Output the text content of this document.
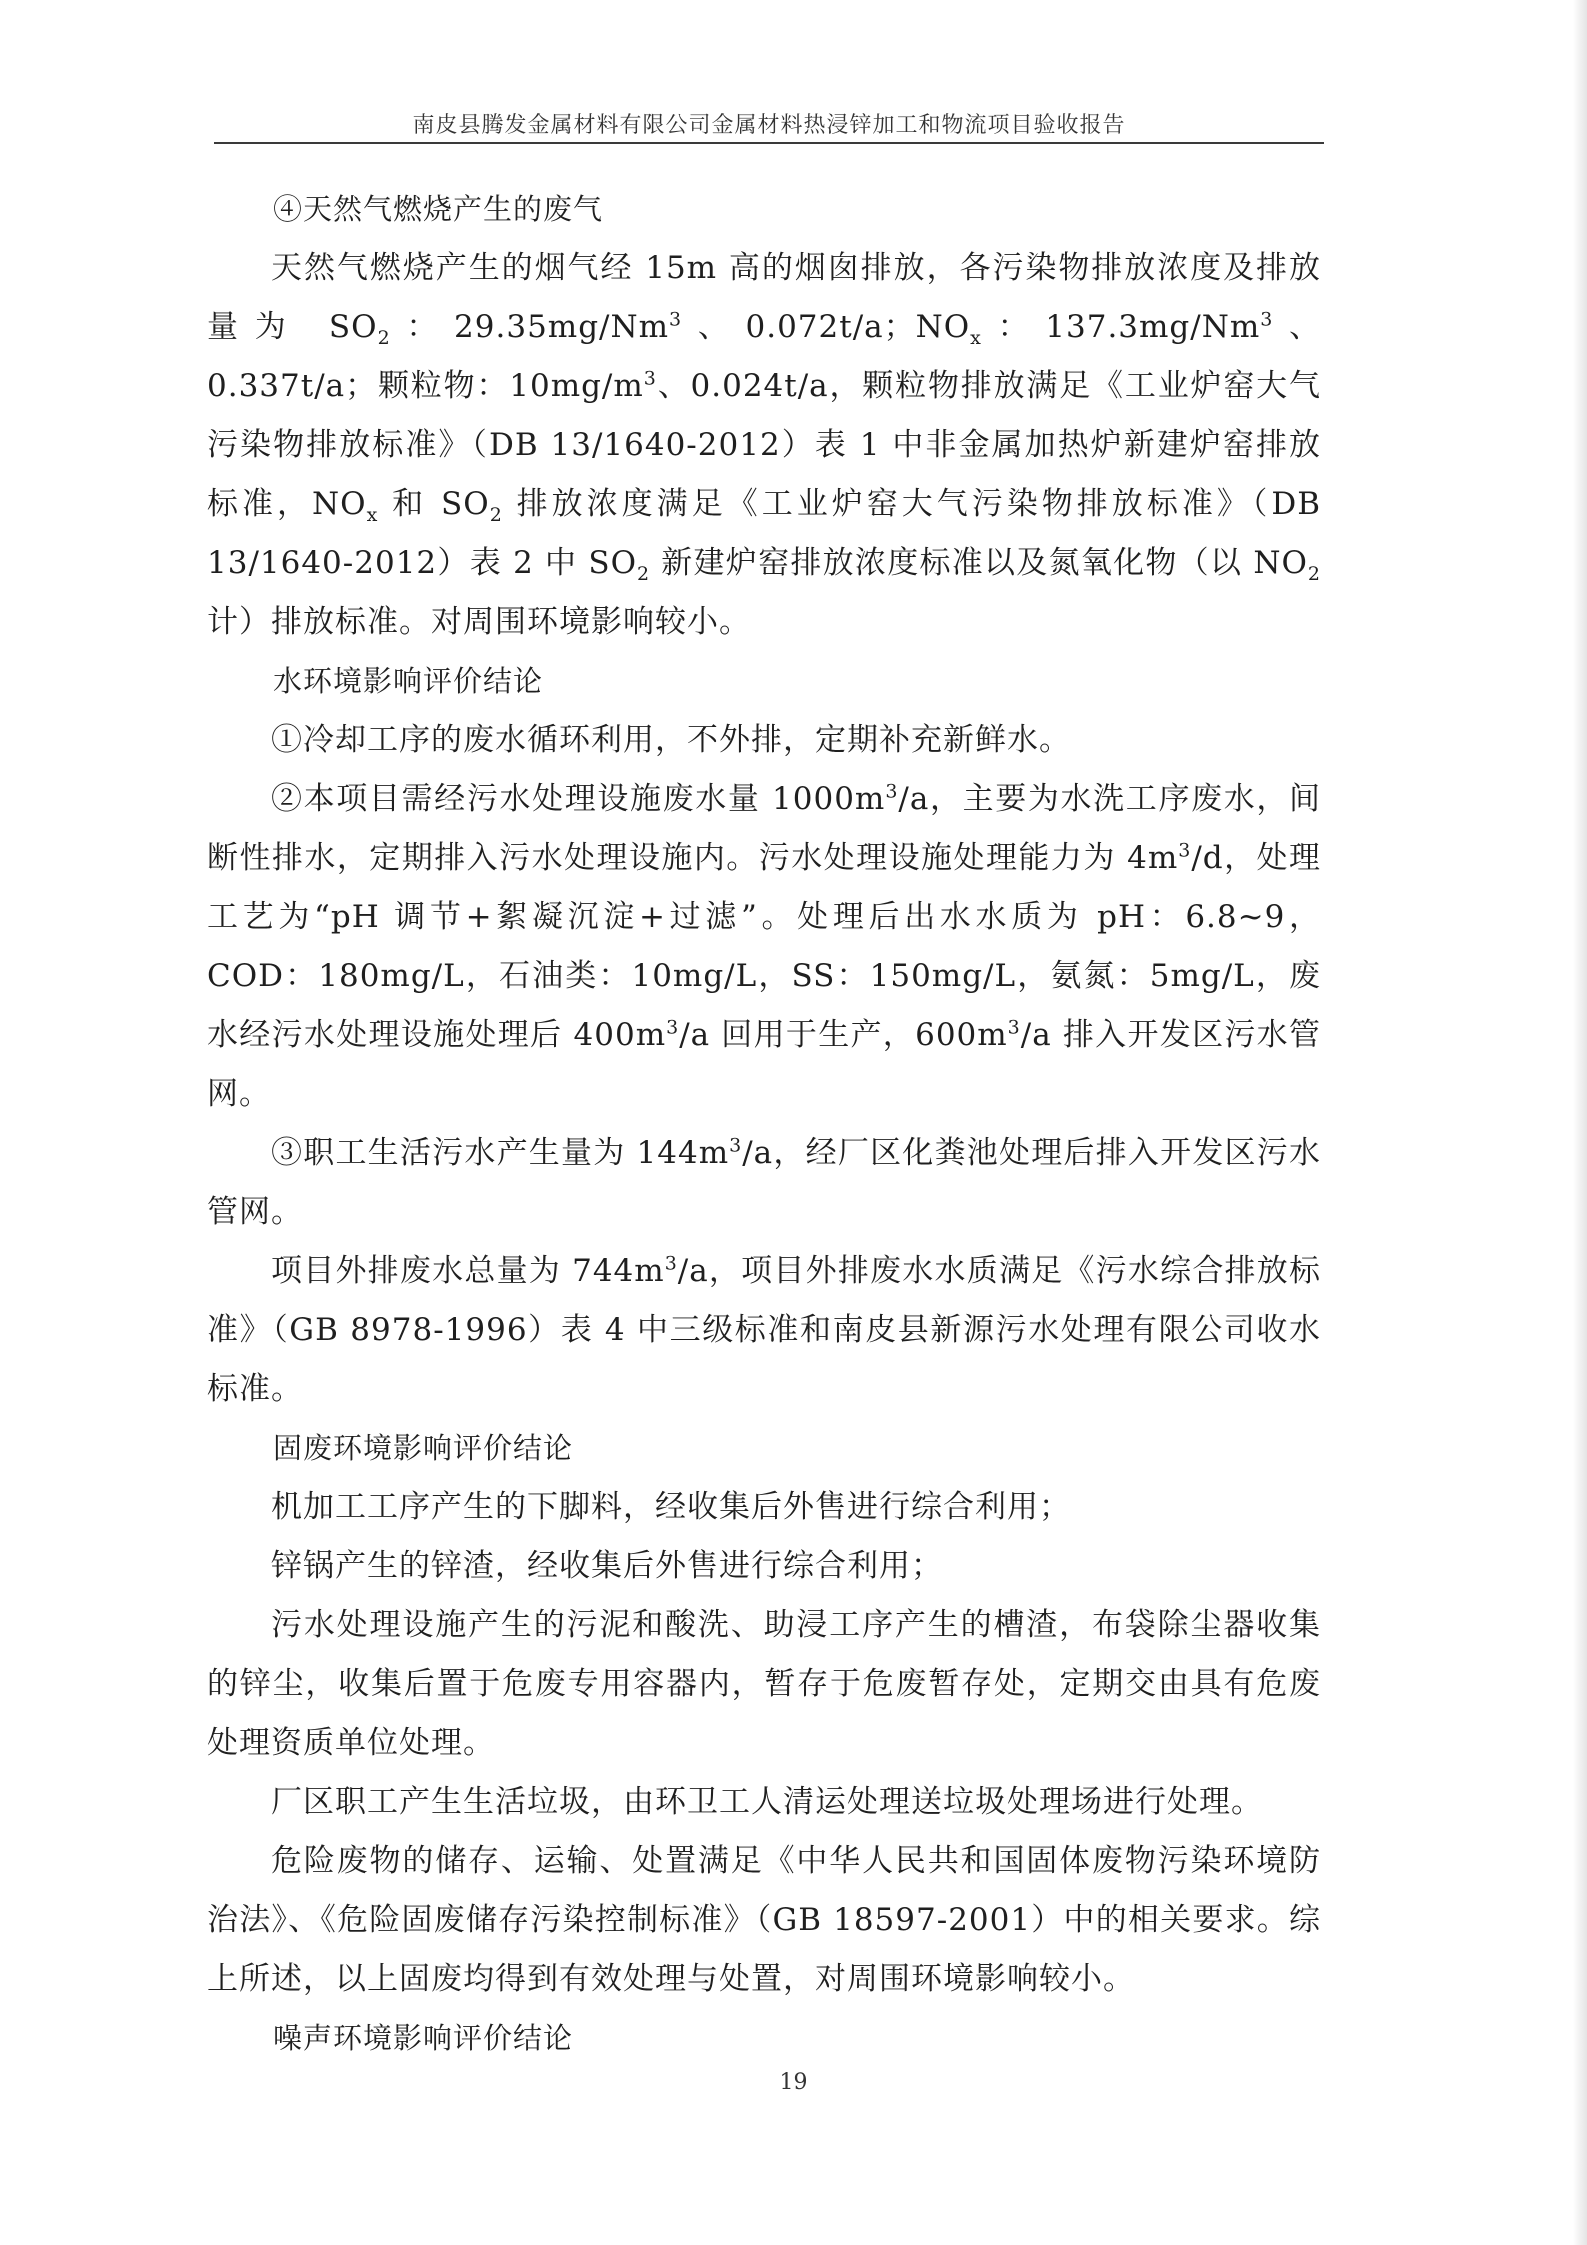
南皮县腾发金属材料有限公司金属材料热浸锌加工和物流项目验收报告

④天然气燃烧产生的废气

天然气燃烧产生的烟气经 15m 高的烟囱排放，各污染物排放浓度及排放量为 $SO_2$：29.35mg/Nm$^3$、0.072t/a；$NO_x$：137.3mg/Nm$^3$、0.337t/a；颗粒物：$10mg/m^3$、0.024t/a，颗粒物排放满足《工业炉窑大气污染物排放标准》（DB 13/1640-2012）表 1 中非金属加热炉新建炉窑排放标准，$NO_x$ 和 $SO_2$ 排放浓度满足《工业炉窑大气污染物排放标准》（DB 13/1640-2012）表 2 中 $SO_2$ 新建炉窑排放浓度标准以及氮氧化物（以 $NO_2$ 计）排放标准。对周围环境影响较小。

水环境影响评价结论

①冷却工序的废水循环利用，不外排，定期补充新鲜水。

②本项目需经污水处理设施废水量 $1000m^3/a$，主要为水洗工序废水，间断性排水，定期排入污水处理设施内。污水处理设施处理能力为 $4m^3/d$，处理工艺为“pH 调节+絮凝沉淀+过滤”。处理后出水水质为 pH：6.8~9，COD：180mg/L，石油类：10mg/L，SS：150mg/L，氨氮：5mg/L，废水经污水处理设施处理后 $400m^3/a$ 回用于生产，$600m^3/a$ 排入开发区污水管网。

③职工生活污水产生量为 $144m^3/a$，经厂区化粪池处理后排入开发区污水管网。

项目外排废水总量为 $744m^3/a$，项目外排废水水质满足《污水综合排放标准》（GB 8978-1996）表 4 中三级标准和南皮县新源污水处理有限公司收水标准。

固废环境影响评价结论

机加工工序产生的下脚料，经收集后外售进行综合利用；

锌锅产生的锌渣，经收集后外售进行综合利用；

污水处理设施产生的污泥和酸洗、助浸工序产生的槽渣，布袋除尘器收集的锌尘，收集后置于危废专用容器内，暂存于危废暂存处，定期交由具有危废处理资质单位处理。

厂区职工产生生活垃圾，由环卫工人清运处理送垃圾处理场进行处理。

危险废物的储存、运输、处置满足《中华人民共和国固体废物污染环境防治法》、《危险固废储存污染控制标准》（GB 18597-2001）中的相关要求。综上所述，以上固废均得到有效处理与处置，对周围环境影响较小。

噪声环境影响评价结论

19
